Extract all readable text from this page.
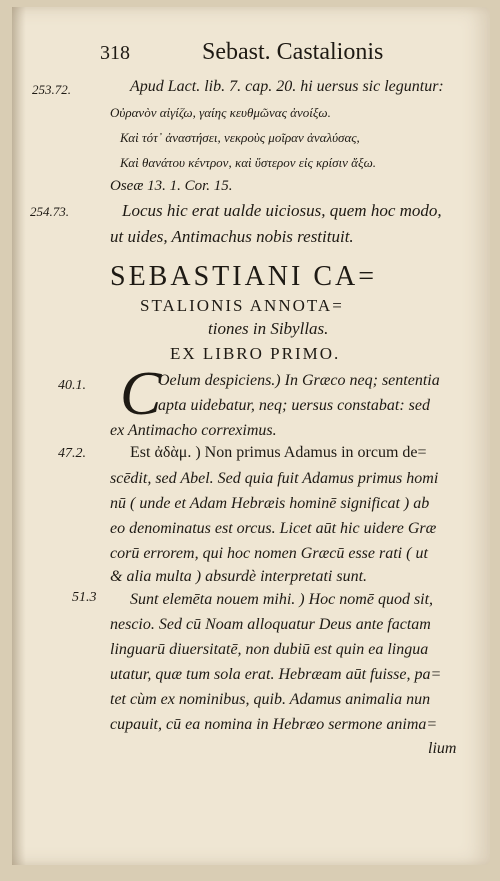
318	Sebast. Castalionis
253.72.	Apud Lact. lib. 7. cap. 20. hi uersus sic leguntur:
Οὐρανὸν αἰγίζω, γαίης κευθμῶνας ἀνοίξω.
Καὶ τότ᾽ ἀναστήσει, νεκροὺς μοῖραν ἀναλύσας,
Καὶ θανάτου κέντρον, καὶ ὕστερον εἰς κρίσιν ἄξω.
Oseæ 13. 1. Cor. 15.
254.73.	Locus hic erat ualde uiciosus, quem hoc modo,
ut uides, Antimachus nobis restituit.
SEBASTIANI CA=
STALIONIS ANNOTA=
tiones in Sibyllas.
EX LIBRO PRIMO.
40.1. C
Oelum despiciens.) In Græco neq; sententia
apta uidebatur, neq; uersus constabat: sed
ex Antimacho correximus.
47.2.	Est ἀδὰμ. ) Non primus Adamus in orcum de=
scēdit, sed Abel. Sed quia fuit Adamus primus homi
nū ( unde et Adam Hebræis hominē significat ) ab
eo denominatus est orcus. Licet aūt hic uidere Græ
corū errorem, qui hoc nomen Græcū esse rati ( ut
& alia multa ) absurdè interpretati sunt.
51.3 Sunt elemēta nouem mihi. ) Hoc nomē quod sit,
nescio. Sed cū Noam alloquatur Deus ante factam
linguarū diuersitatē, non dubiū est quin ea lingua
utatur, quæ tum sola erat. Hebræam aūt fuisse, pa=
tet cùm ex nominibus, quib. Adamus animalia nun
cupauit, cū ea nomina in Hebræo sermone anima=
lium
